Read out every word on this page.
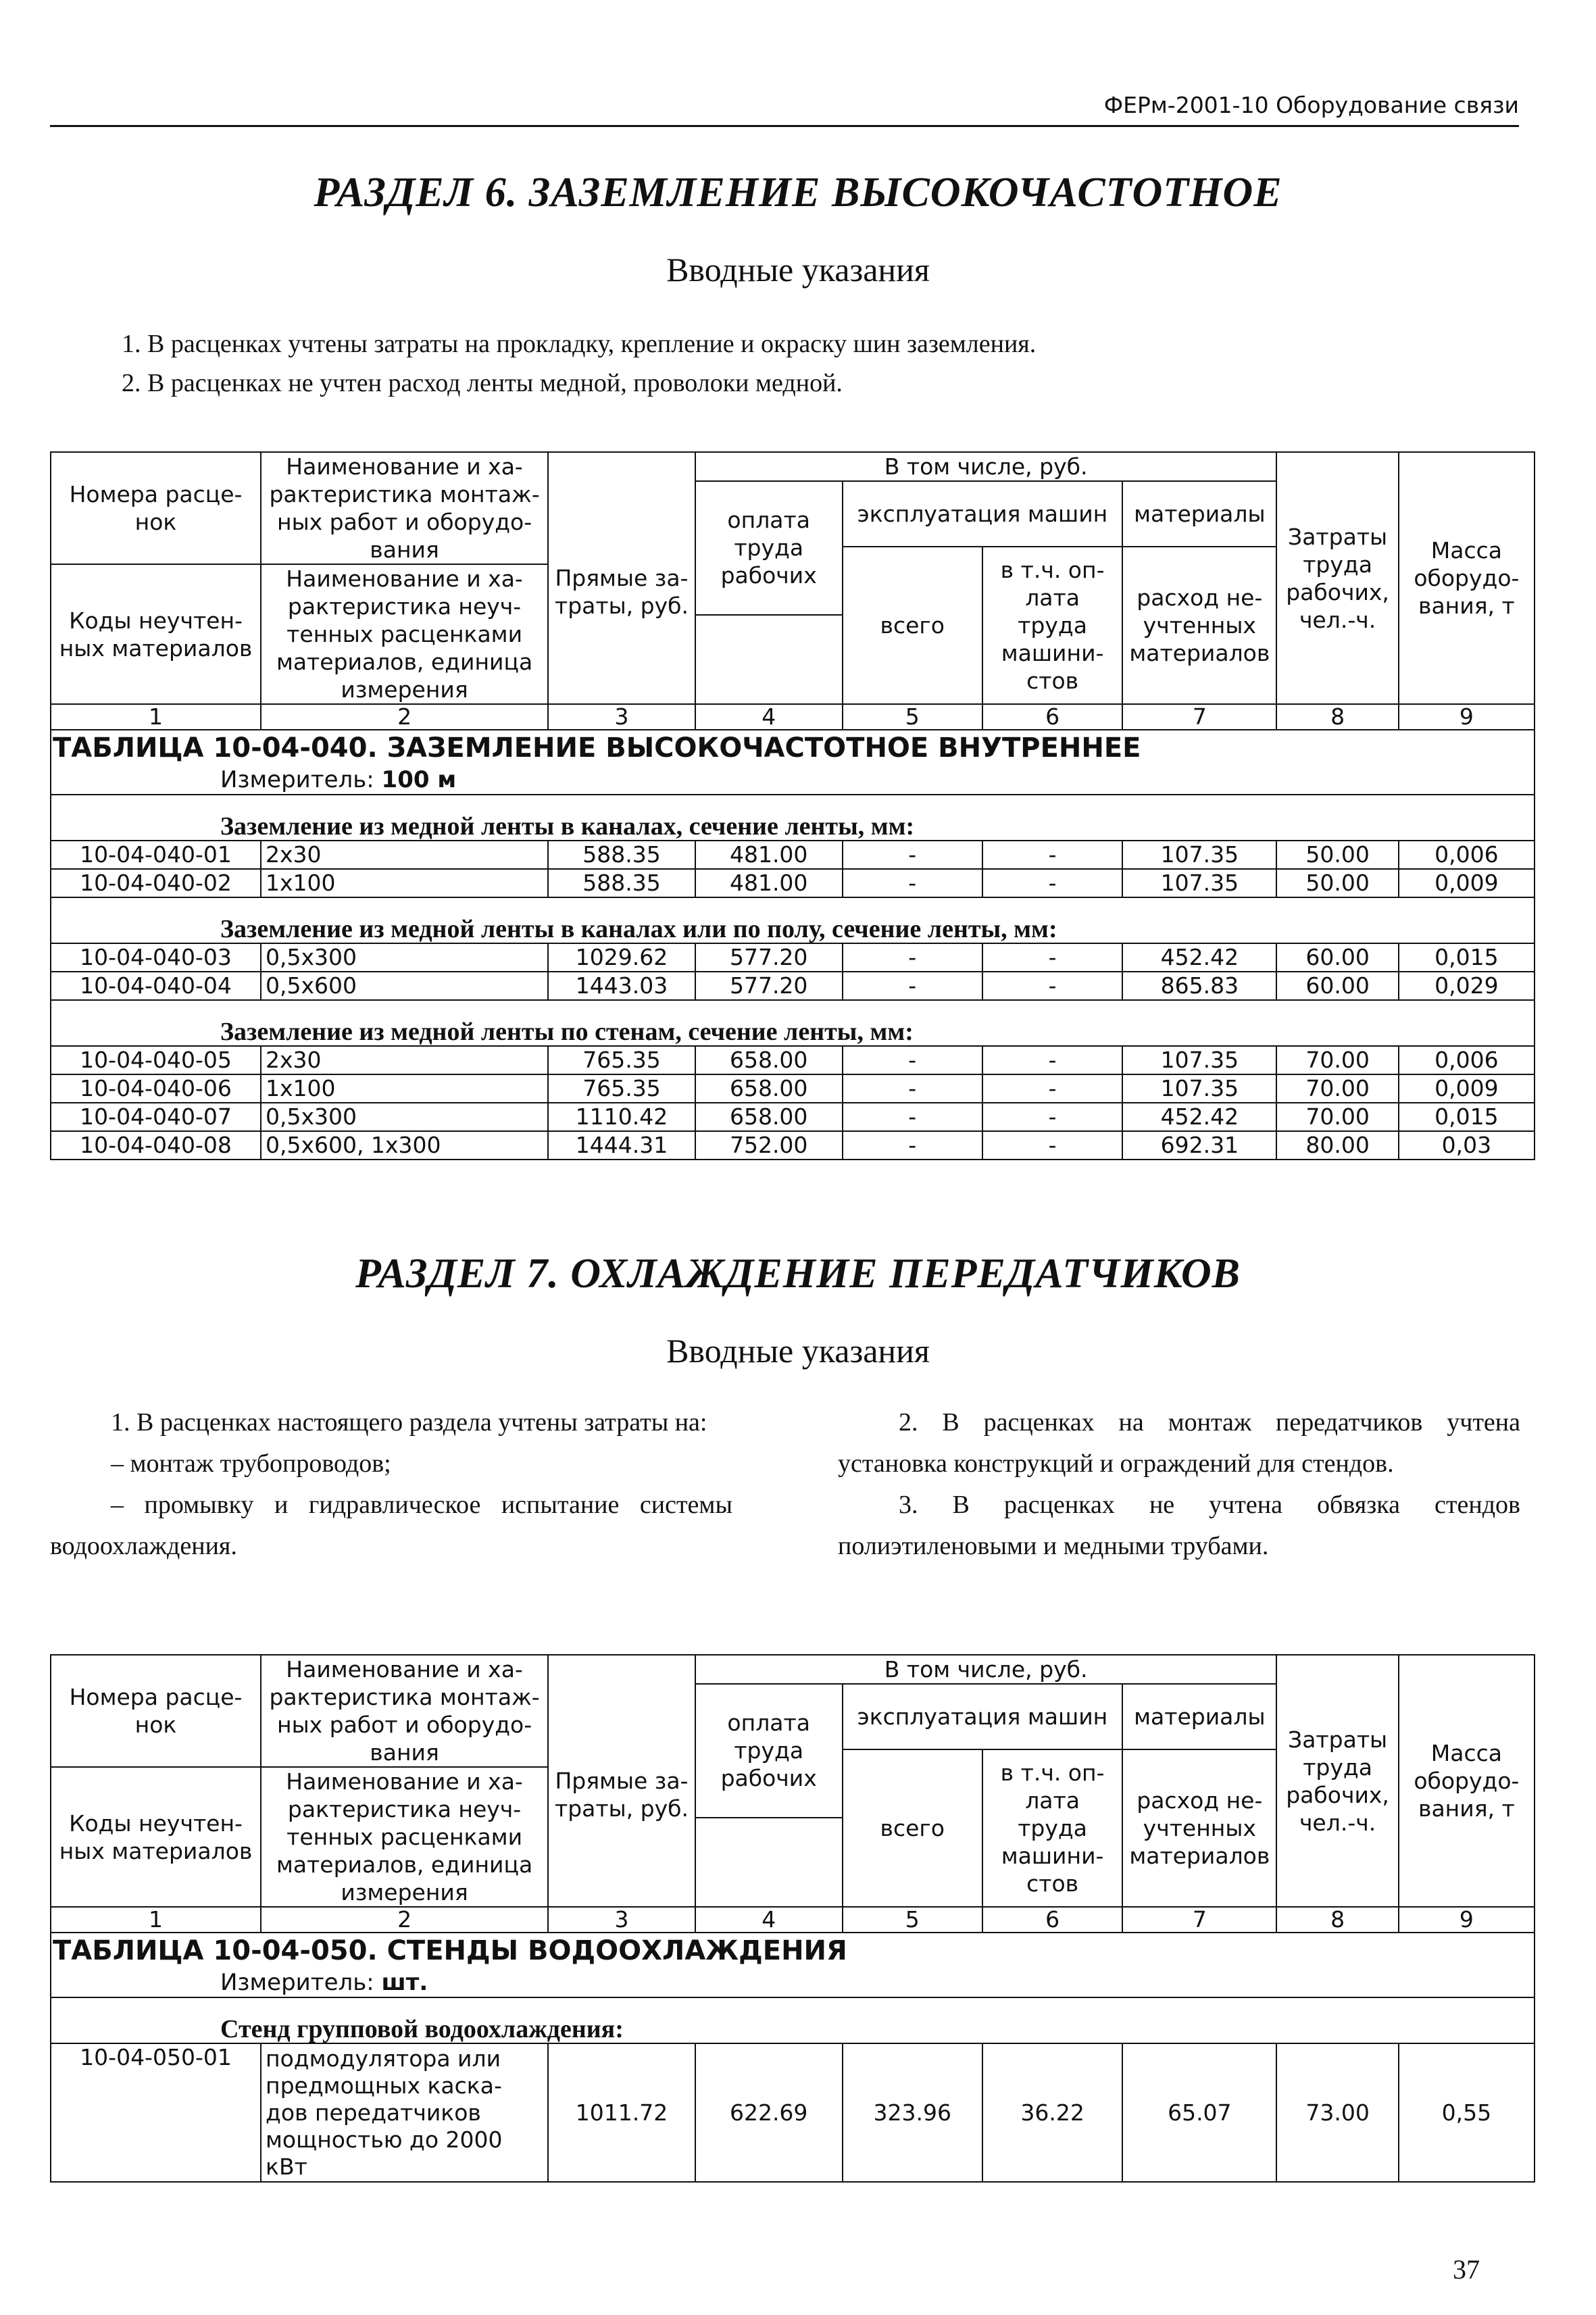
ФЕРм-2001-10 Оборудование связи
РАЗДЕЛ 6. ЗАЗЕМЛЕНИЕ ВЫСОКОЧАСТОТНОЕ
Вводные указания

1. В расценках учтены затраты на прокладку, крепление и окраску шин заземления.

2. В расценках не учтен расход ленты медной, проволоки медной.

Номера расце-нок	Наименование и ха-рактеристика монтаж-ных работ и оборудо-вания	Прямые за-траты, руб.	В том числе, руб.				Затраты труда рабочих, чел.-ч.	Масса оборудо-вания, т
			оплата труда рабочих	эксплуатация машин		материалы		
				всего	в т.ч. оп-лата труда машини-стов	расход не-учтенных материалов		
Коды неучтен-ных материалов	Наименование и ха-рактеристика неуч-тенных расценками материалов, единица измерения							

1	2	3	4	5	6	7	8	9
ТАБЛИЦА 10-04-040. ЗАЗЕМЛЕНИЕ ВЫСОКОЧАСТОТНОЕ ВНУТРЕННЕЕ								
Измеритель: 100 м								
Заземление из медной ленты в каналах, сечение ленты, мм:								
10-04-040-01	2х30	588.35	481.00	-	-	107.35	50.00	0,006
10-04-040-02	1х100	588.35	481.00	-	-	107.35	50.00	0,009
Заземление из медной ленты в каналах или по полу, сечение ленты, мм:								
10-04-040-03	0,5х300	1029.62	577.20	-	-	452.42	60.00	0,015
10-04-040-04	0,5х600	1443.03	577.20	-	-	865.83	60.00	0,029
Заземление из медной ленты по стенам, сечение ленты, мм:								
10-04-040-05	2х30	765.35	658.00	-	-	107.35	70.00	0,006
10-04-040-06	1х100	765.35	658.00	-	-	107.35	70.00	0,009
10-04-040-07	0,5х300	1110.42	658.00	-	-	452.42	70.00	0,015
10-04-040-08	0,5х600, 1х300	1444.31	752.00	-	-	692.31	80.00	0,03
РАЗДЕЛ 7. ОХЛАЖДЕНИЕ ПЕРЕДАТЧИКОВ
Вводные указания

1. В расценках настоящего раздела учтены затраты на:

– монтаж трубопроводов;

– промывку и гидравлическое испытание системы водоохлаждения.

2. В расценках на монтаж передатчиков учтена установка конструкций и ограждений для стендов.

3. В расценках не учтена обвязка стендов полиэтиленовыми и медными трубами.

Номера расце-нок	Наименование и ха-рактеристика монтаж-ных работ и оборудо-вания	Прямые за-траты, руб.	В том числе, руб.				Затраты труда рабочих, чел.-ч.	Масса оборудо-вания, т
			оплата труда рабочих	эксплуатация машин		материалы		
				всего	в т.ч. оп-лата труда машини-стов	расход не-учтенных материалов		
Коды неучтен-ных материалов	Наименование и ха-рактеристика неуч-тенных расценками материалов, единица измерения							

1	2	3	4	5	6	7	8	9
ТАБЛИЦА 10-04-050. СТЕНДЫ ВОДООХЛАЖДЕНИЯ								
Измеритель: шт.								
Стенд групповой водоохлаждения:								
10-04-050-01	подмодулятора или предмощных каска-дов передатчиков мощностью до 2000 кВт	1011.72	622.69	323.96	36.22	65.07	73.00	0,55
37
